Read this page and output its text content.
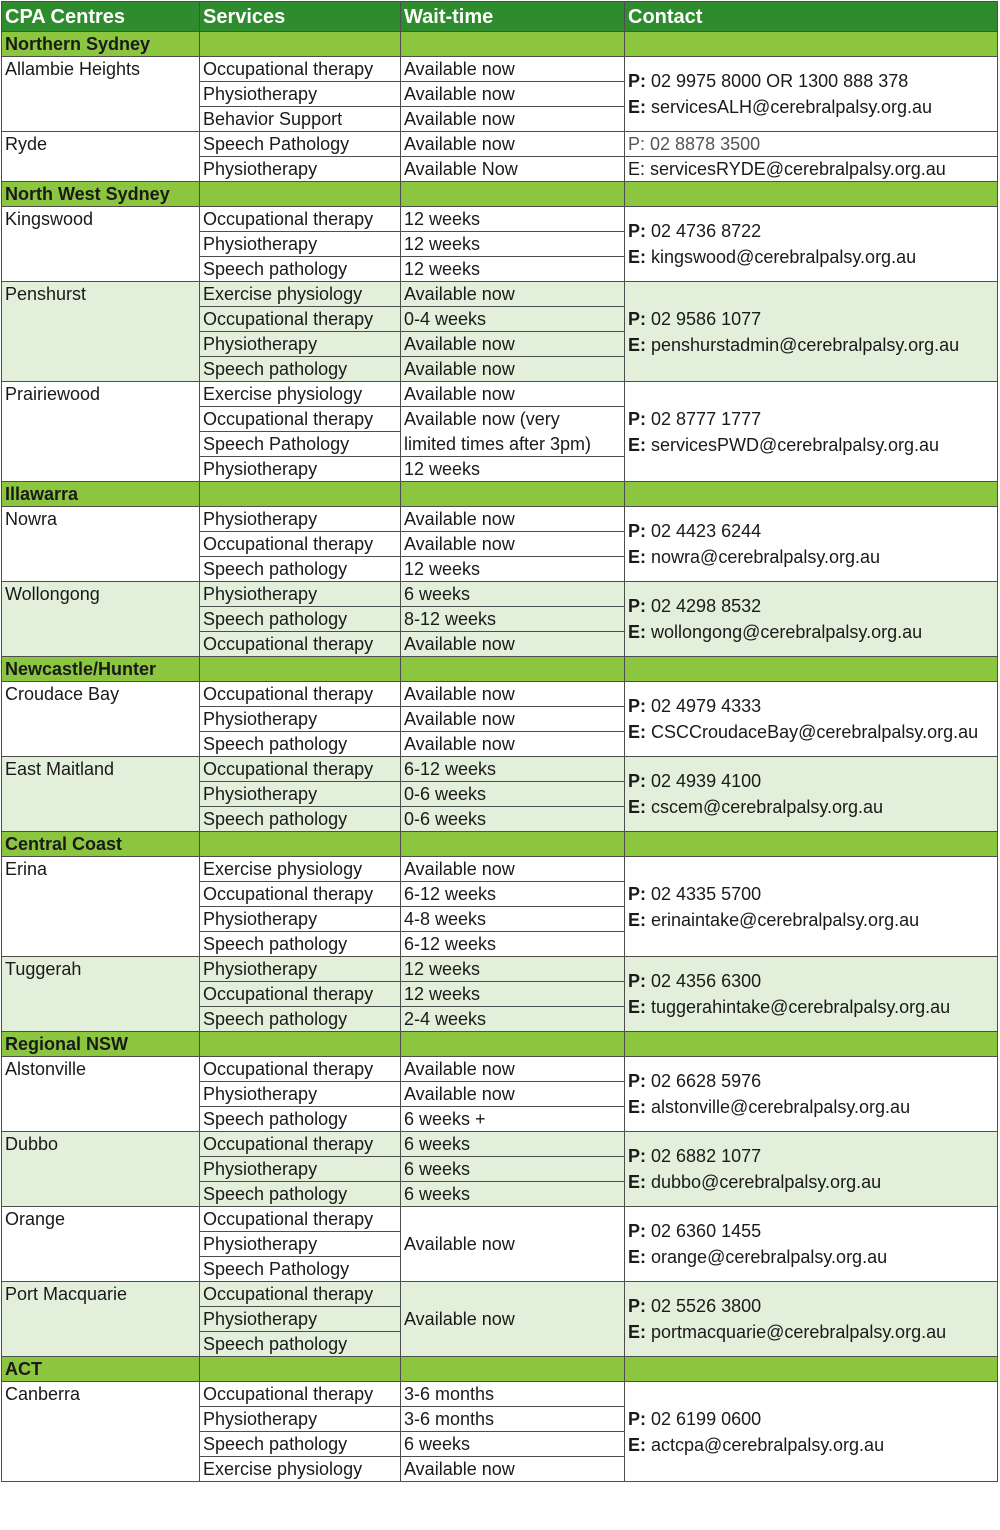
CPA Centres	Services	Wait-time	Contact
Northern Sydney			
Allambie Heights	Occupational therapy	Available now	P: 02 9975 8000 OR 1300 888 378
E: servicesALH@cerebralpalsy.org.au
	Physiotherapy	Available now	
	Behavior Support	Available now	
Ryde	Speech Pathology	Available now	P: 02 8878 3500
	Physiotherapy	Available Now	E: servicesRYDE@cerebralpalsy.org.au
North West Sydney			
Kingswood	Occupational therapy	12 weeks	P: 02 4736 8722
E: kingswood@cerebralpalsy.org.au
	Physiotherapy	12 weeks	
	Speech pathology	12 weeks	
Penshurst	Exercise physiology	Available now	P: 02 9586 1077
E: penshurstadmin@cerebralpalsy.org.au
	Occupational therapy	0-4 weeks	
	Physiotherapy	Available now	
	Speech pathology	Available now	
Prairiewood	Exercise physiology	Available now	P: 02 8777 1777
E: servicesPWD@cerebralpalsy.org.au
	Occupational therapy	Available now (very	
	Speech Pathology	limited times after 3pm)	
	Physiotherapy	12 weeks	
Illawarra			
Nowra	Physiotherapy	Available now	P: 02 4423 6244
E: nowra@cerebralpalsy.org.au
	Occupational therapy	Available now	
	Speech pathology	12 weeks	
Wollongong	Physiotherapy	6 weeks	P: 02 4298 8532
E: wollongong@cerebralpalsy.org.au
	Speech pathology	8-12 weeks	
	Occupational therapy	Available now	
Newcastle/Hunter			
Croudace Bay	Occupational therapy	Available now	P: 02 4979 4333
E: CSCCroudaceBay@cerebralpalsy.org.au
	Physiotherapy	Available now	
	Speech pathology	Available now	
East Maitland	Occupational therapy	6-12 weeks	P: 02 4939 4100
E: cscem@cerebralpalsy.org.au
	Physiotherapy	0-6 weeks	
	Speech pathology	0-6 weeks	
Central Coast			
Erina	Exercise physiology	Available now	P: 02 4335 5700
E: erinaintake@cerebralpalsy.org.au
	Occupational therapy	6-12 weeks	
	Physiotherapy	4-8 weeks	
	Speech pathology	6-12 weeks	
Tuggerah	Physiotherapy	12 weeks	P: 02 4356 6300
E: tuggerahintake@cerebralpalsy.org.au
	Occupational therapy	12 weeks	
	Speech pathology	2-4 weeks	
Regional NSW			
Alstonville	Occupational therapy	Available now	P: 02 6628 5976
E: alstonville@cerebralpalsy.org.au
	Physiotherapy	Available now	
	Speech pathology	6 weeks +	
Dubbo	Occupational therapy	6 weeks	P: 02 6882 1077
E: dubbo@cerebralpalsy.org.au
	Physiotherapy	6 weeks	
	Speech pathology	6 weeks	
Orange	Occupational therapy	Available now	P: 02 6360 1455
E: orange@cerebralpalsy.org.au
	Physiotherapy		
	Speech Pathology		
Port Macquarie	Occupational therapy	Available now	P: 02 5526 3800
E: portmacquarie@cerebralpalsy.org.au
	Physiotherapy		
	Speech pathology		
ACT			
Canberra	Occupational therapy	3-6 months	P: 02 6199 0600
E: actcpa@cerebralpalsy.org.au
	Physiotherapy	3-6 months	
	Speech pathology	6 weeks	
	Exercise physiology	Available now	
